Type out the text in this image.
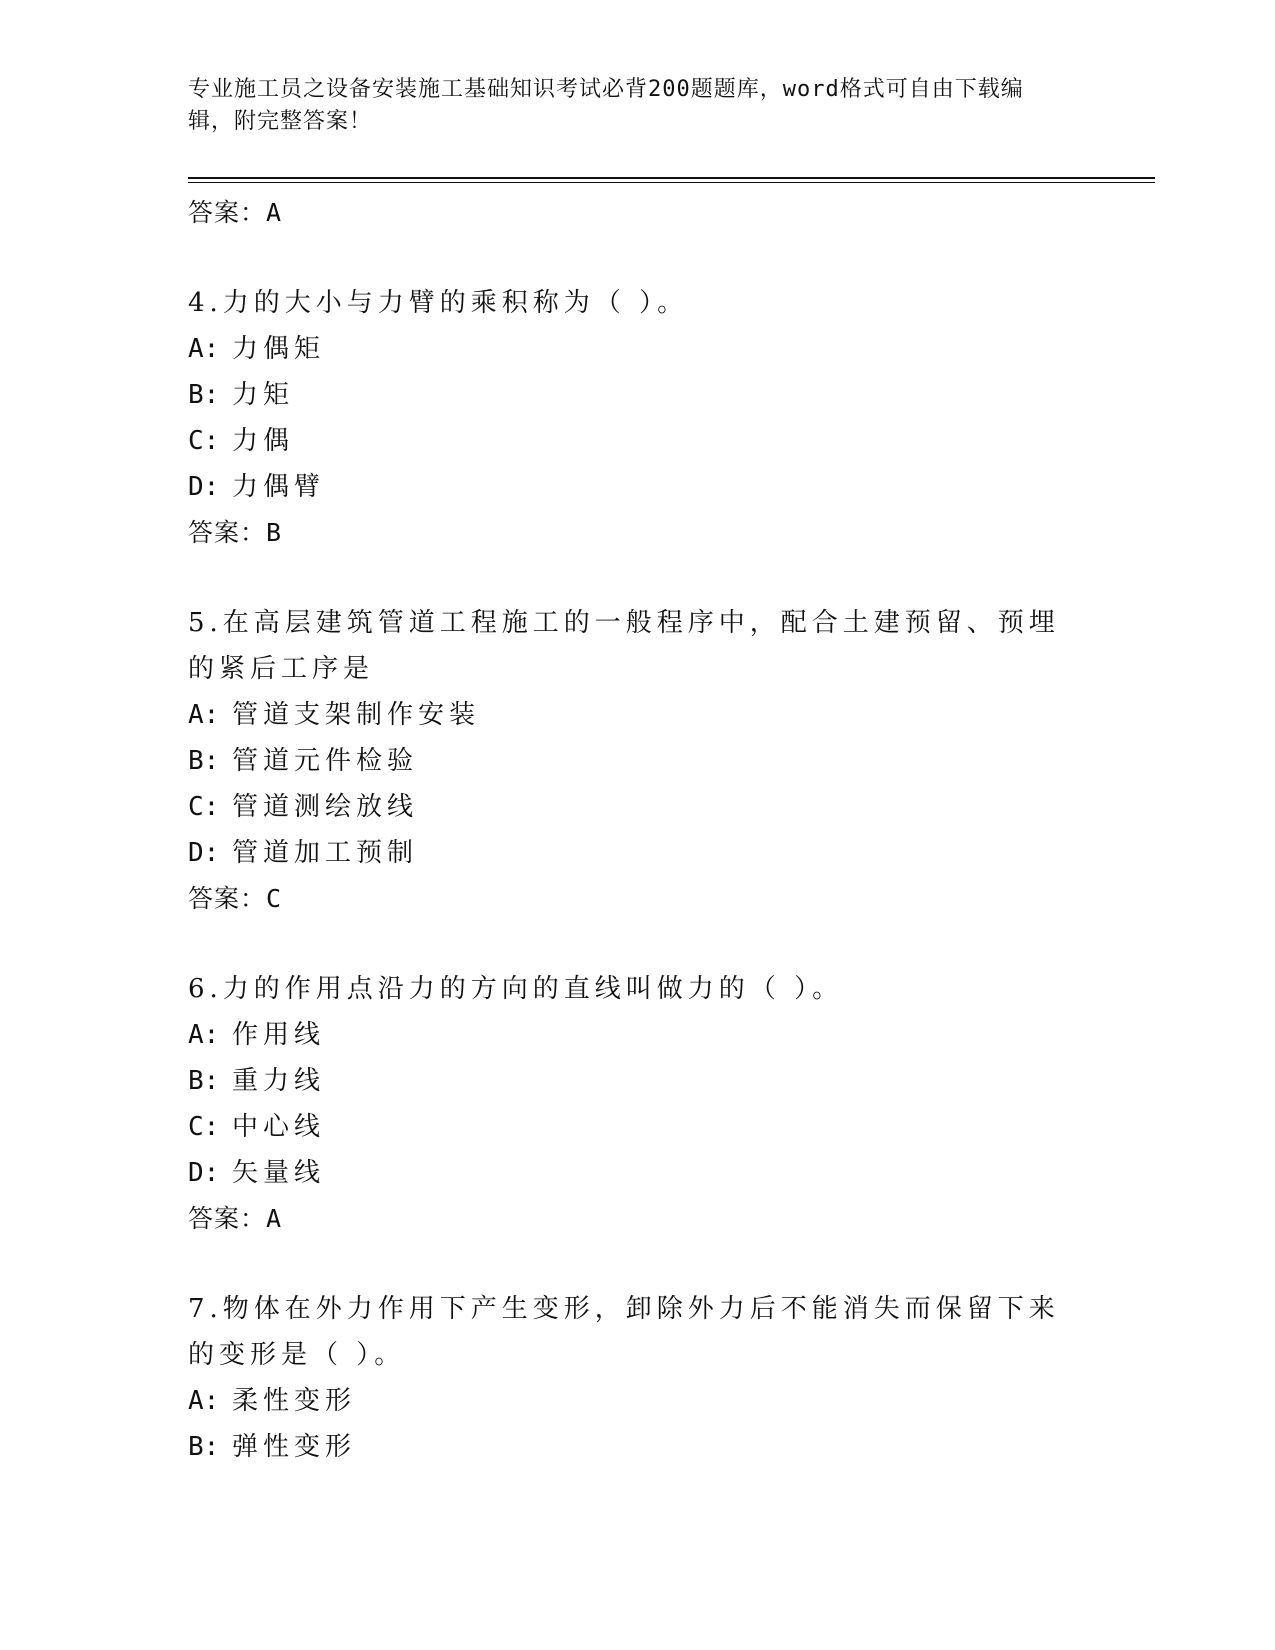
专业施工员之设备安装施工基础知识考试必背200题题库，word格式可自由下载编辑，附完整答案！
答案：A
4.力的大小与力臂的乘积称为（ ）。
A: 力偶矩
B: 力矩
C: 力偶
D: 力偶臂
答案：B
5.在高层建筑管道工程施工的一般程序中，配合土建预留、预埋的紧后工序是
A: 管道支架制作安装
B: 管道元件检验
C: 管道测绘放线
D: 管道加工预制
答案：C
6.力的作用点沿力的方向的直线叫做力的（ ）。
A: 作用线
B: 重力线
C: 中心线
D: 矢量线
答案：A
7.物体在外力作用下产生变形，卸除外力后不能消失而保留下来的变形是（ ）。
A: 柔性变形
B: 弹性变形
